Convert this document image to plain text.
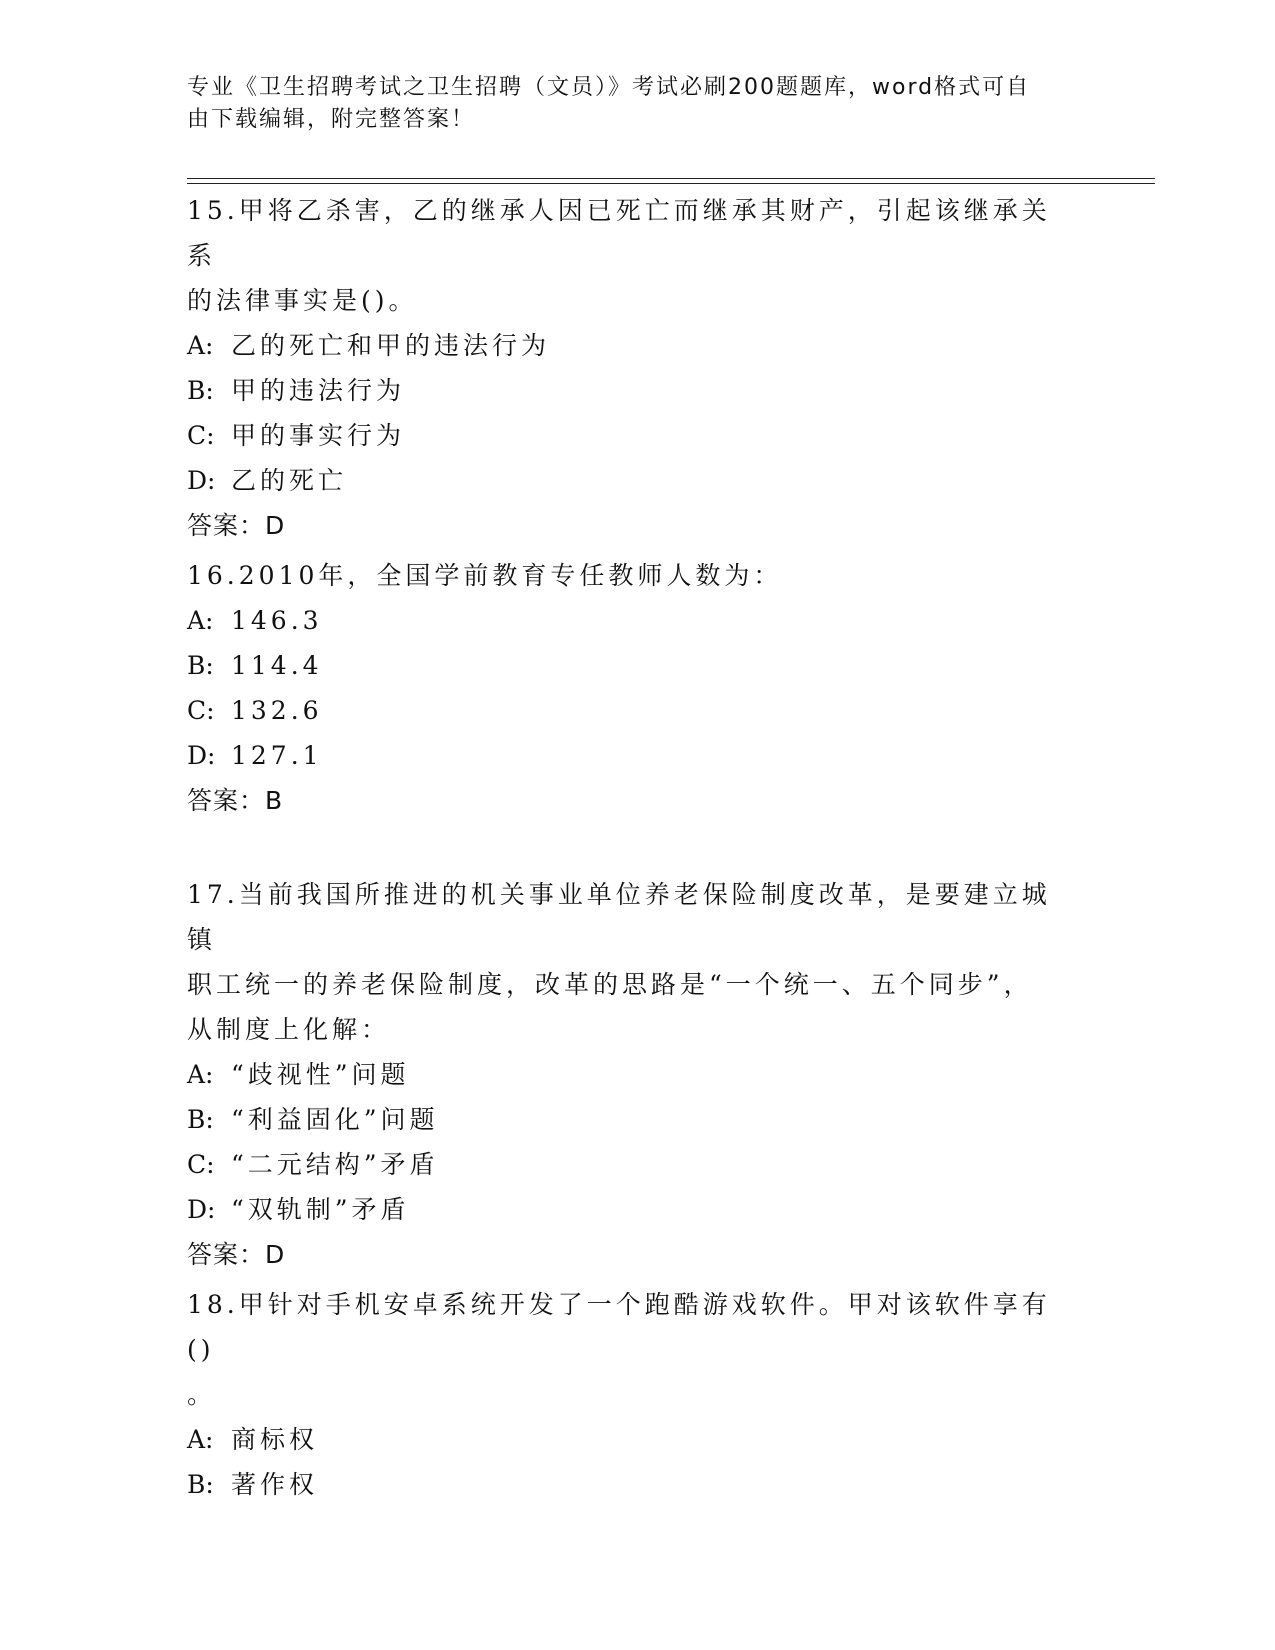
专业《卫生招聘考试之卫生招聘（文员）》考试必刷200题题库，word格式可自
由下载编辑，附完整答案！
15.甲将乙杀害，乙的继承人因已死亡而继承其财产，引起该继承关系
的法律事实是()。
A: 乙的死亡和甲的违法行为
B: 甲的违法行为
C: 甲的事实行为
D: 乙的死亡
答案：D
16.2010年，全国学前教育专任教师人数为：
A: 146.3
B: 114.4
C: 132.6
D: 127.1
答案：B
17.当前我国所推进的机关事业单位养老保险制度改革，是要建立城镇
职工统一的养老保险制度，改革的思路是“一个统一、五个同步”，
从制度上化解：
A: “歧视性”问题
B: “利益固化”问题
C: “二元结构”矛盾
D: “双轨制”矛盾
答案：D
18.甲针对手机安卓系统开发了一个跑酷游戏软件。甲对该软件享有()
。
A: 商标权
B: 著作权
